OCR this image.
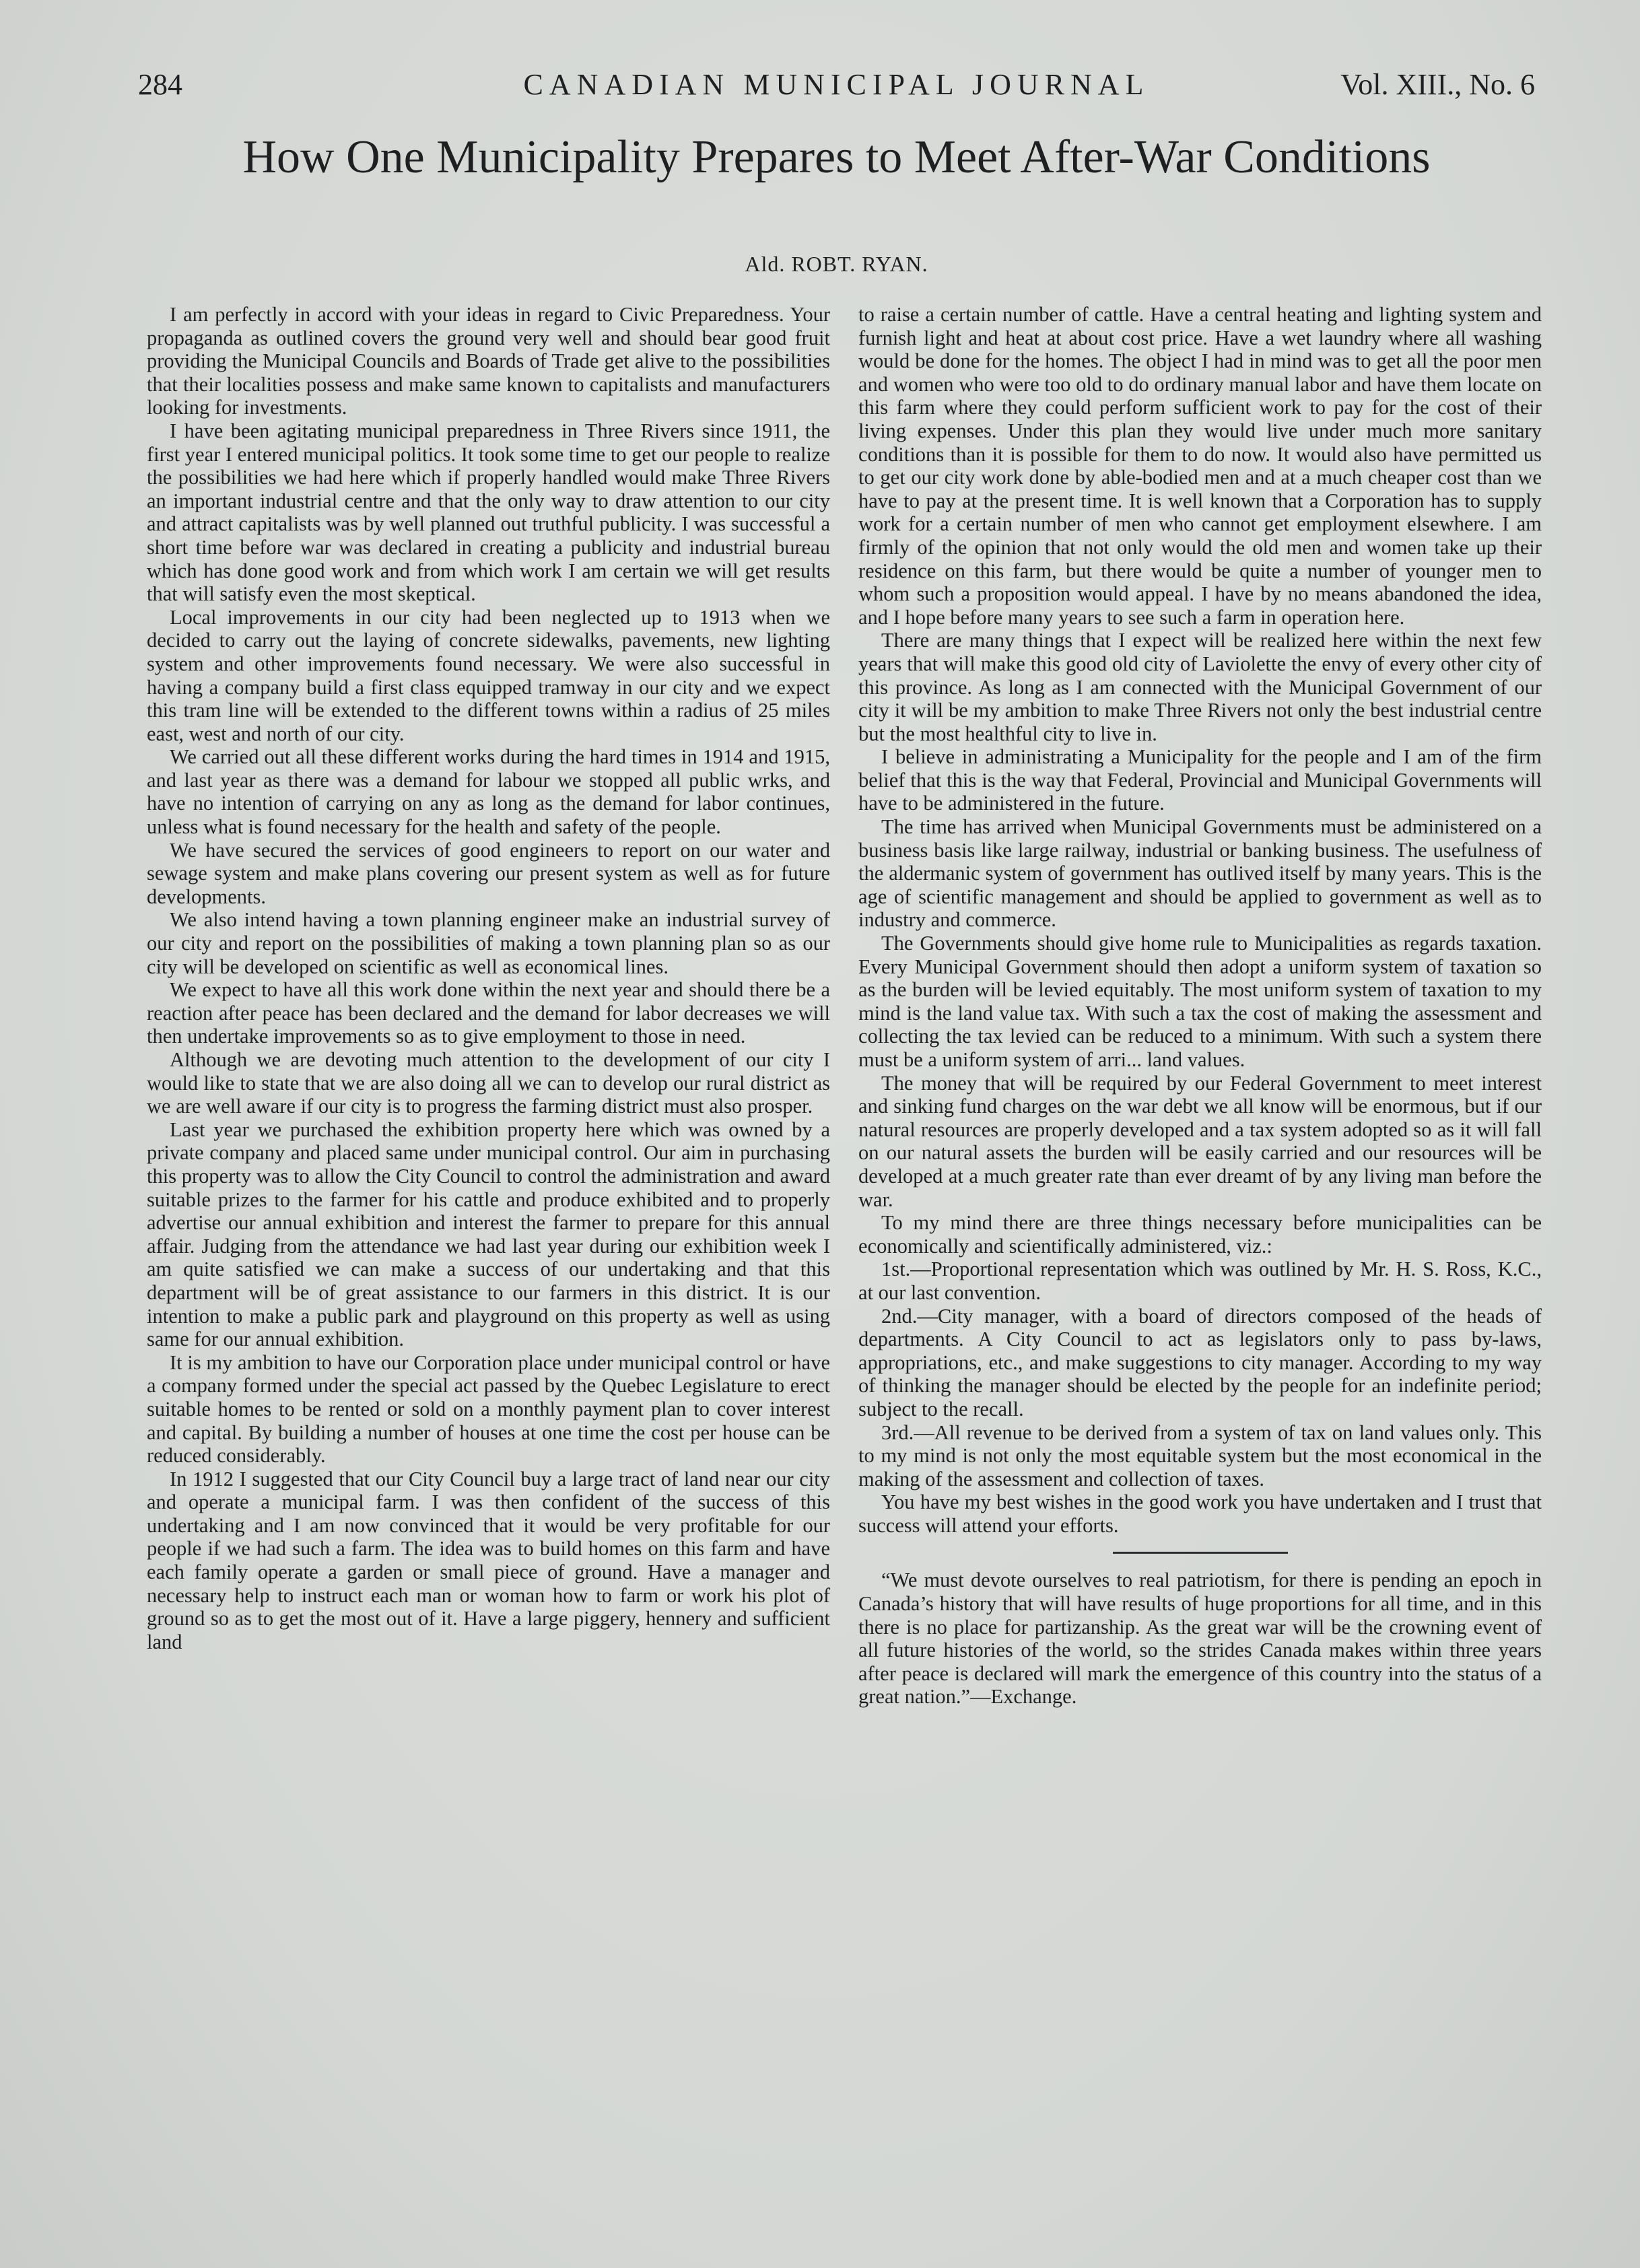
284	CANADIAN MUNICIPAL JOURNAL	Vol. XIII., No. 6
How One Municipality Prepares to Meet After-War Conditions
Ald. ROBT. RYAN.

I am perfectly in accord with your ideas in regard to Civic Preparedness. Your propaganda as outlined covers the ground very well and should bear good fruit providing the Municipal Councils and Boards of Trade get alive to the possibilities that their localities possess and make same known to capitalists and manufacturers looking for investments.

I have been agitating municipal preparedness in Three Rivers since 1911, the first year I entered municipal politics. It took some time to get our people to realize the possibilities we had here which if properly handled would make Three Rivers an important industrial centre and that the only way to draw attention to our city and attract capitalists was by well planned out truthful publicity. I was successful a short time before war was declared in creating a publicity and industrial bureau which has done good work and from which work I am certain we will get results that will satisfy even the most skeptical.

Local improvements in our city had been neglected up to 1913 when we decided to carry out the laying of concrete sidewalks, pavements, new lighting system and other improvements found necessary. We were also successful in having a company build a first class equipped tramway in our city and we expect this tram line will be extended to the different towns within a radius of 25 miles east, west and north of our city.

We carried out all these different works during the hard times in 1914 and 1915, and last year as there was a demand for labour we stopped all public wrks, and have no intention of carrying on any as long as the demand for labor continues, unless what is found necessary for the health and safety of the people.

We have secured the services of good engineers to report on our water and sewage system and make plans covering our present system as well as for future developments.

We also intend having a town planning engineer make an industrial survey of our city and report on the possibilities of making a town planning plan so as our city will be developed on scientific as well as economical lines.

We expect to have all this work done within the next year and should there be a reaction after peace has been declared and the demand for labor decreases we will then undertake improvements so as to give employment to those in need.

Although we are devoting much attention to the development of our city I would like to state that we are also doing all we can to develop our rural district as we are well aware if our city is to progress the farming district must also prosper.

Last year we purchased the exhibition property here which was owned by a private company and placed same under municipal control. Our aim in purchasing this property was to allow the City Council to control the administration and award suitable prizes to the farmer for his cattle and produce exhibited and to properly advertise our annual exhibition and interest the farmer to prepare for this annual affair. Judging from the attendance we had last year during our exhibition week I am quite satisfied we can make a success of our undertaking and that this department will be of great assistance to our farmers in this district. It is our intention to make a public park and playground on this property as well as using same for our annual exhibition.

It is my ambition to have our Corporation place under municipal control or have a company formed under the special act passed by the Quebec Legislature to erect suitable homes to be rented or sold on a monthly payment plan to cover interest and capital. By building a number of houses at one time the cost per house can be reduced considerably.

In 1912 I suggested that our City Council buy a large tract of land near our city and operate a municipal farm. I was then confident of the success of this undertaking and I am now convinced that it would be very profitable for our people if we had such a farm. The idea was to build homes on this farm and have each family operate a garden or small piece of ground. Have a manager and necessary help to instruct each man or woman how to farm or work his plot of ground so as to get the most out of it. Have a large piggery, hennery and sufficient land

to raise a certain number of cattle. Have a central heating and lighting system and furnish light and heat at about cost price. Have a wet laundry where all washing would be done for the homes. The object I had in mind was to get all the poor men and women who were too old to do ordinary manual labor and have them locate on this farm where they could perform sufficient work to pay for the cost of their living expenses. Under this plan they would live under much more sanitary conditions than it is possible for them to do now. It would also have permitted us to get our city work done by able-bodied men and at a much cheaper cost than we have to pay at the present time. It is well known that a Corporation has to supply work for a certain number of men who cannot get employment elsewhere. I am firmly of the opinion that not only would the old men and women take up their residence on this farm, but there would be quite a number of younger men to whom such a proposition would appeal. I have by no means abandoned the idea, and I hope before many years to see such a farm in operation here.

There are many things that I expect will be realized here within the next few years that will make this good old city of Laviolette the envy of every other city of this province. As long as I am connected with the Municipal Government of our city it will be my ambition to make Three Rivers not only the best industrial centre but the most healthful city to live in.

I believe in administrating a Municipality for the people and I am of the firm belief that this is the way that Federal, Provincial and Municipal Governments will have to be administered in the future.

The time has arrived when Municipal Governments must be administered on a business basis like large railway, industrial or banking business. The usefulness of the aldermanic system of government has outlived itself by many years. This is the age of scientific management and should be applied to government as well as to industry and commerce.

The Governments should give home rule to Municipalities as regards taxation. Every Municipal Government should then adopt a uniform system of taxation so as the burden will be levied equitably. The most uniform system of taxation to my mind is the land value tax. With such a tax the cost of making the assessment and collecting the tax levied can be reduced to a minimum. With such a system there must be a uniform system of arri... land values.

The money that will be required by our Federal Government to meet interest and sinking fund charges on the war debt we all know will be enormous, but if our natural resources are properly developed and a tax system adopted so as it will fall on our natural assets the burden will be easily carried and our resources will be developed at a much greater rate than ever dreamt of by any living man before the war.

To my mind there are three things necessary before municipalities can be economically and scientifically administered, viz.:

1st.—Proportional representation which was outlined by Mr. H. S. Ross, K.C., at our last convention.

2nd.—City manager, with a board of directors composed of the heads of departments. A City Council to act as legislators only to pass by-laws, appropriations, etc., and make suggestions to city manager. According to my way of thinking the manager should be elected by the people for an indefinite period; subject to the recall.

3rd.—All revenue to be derived from a system of tax on land values only. This to my mind is not only the most equitable system but the most economical in the making of the assessment and collection of taxes.

You have my best wishes in the good work you have undertaken and I trust that success will attend your efforts.

“We must devote ourselves to real patriotism, for there is pending an epoch in Canada’s history that will have results of huge proportions for all time, and in this there is no place for partizanship. As the great war will be the crowning event of all future histories of the world, so the strides Canada makes within three years after peace is declared will mark the emergence of this country into the status of a great nation.”—Exchange.
